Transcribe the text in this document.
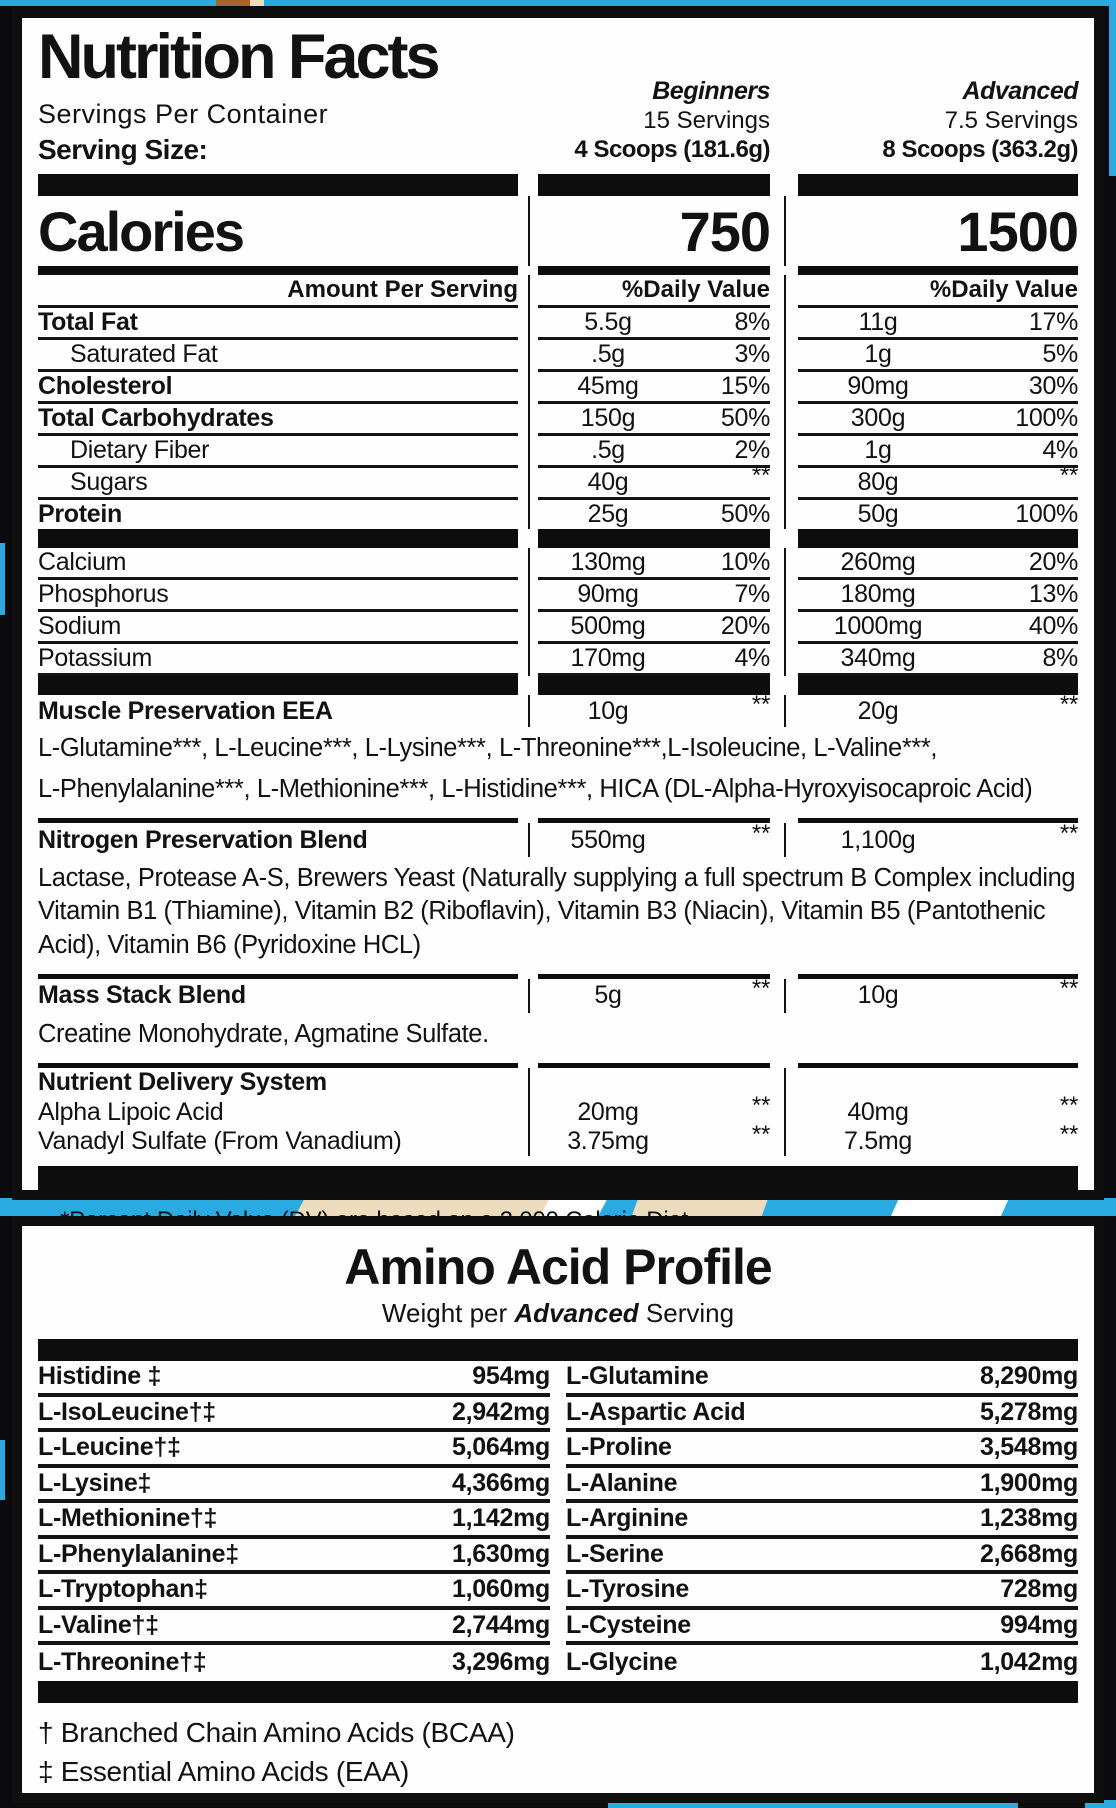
Nutrition Facts
Servings Per Container
Serving Size:
Beginners
15 Servings
4 Scoops (181.6g)
Advanced
7.5 Servings
8 Scoops (363.2g)
Calories	750	1500
Amount Per Serving	%Daily Value	%Daily Value
Total Fat	5.5g	8%	11g	17%
Saturated Fat	.5g	3%	1g	5%
Cholesterol	45mg	15%	90mg	30%
Total Carbohydrates	150g	50%	300g	100%
Dietary Fiber	.5g	2%	1g	4%
Sugars	40g	**	80g	**
Protein	25g	50%	50g	100%
Calcium	130mg	10%	260mg	20%
Phosphorus	90mg	7%	180mg	13%
Sodium	500mg	20%	1000mg	40%
Potassium	170mg	4%	340mg	8%
Muscle Preservation EEA	10g	**	20g	**
L-Glutamine***, L-Leucine***, L-Lysine***, L-Threonine***,L-Isoleucine, L-Valine***,
L-Phenylalanine***, L-Methionine***, L-Histidine***, HICA (DL-Alpha-Hyroxyisocaproic Acid)
Nitrogen Preservation Blend	550mg	**	1,100g	**
Lactase, Protease A-S, Brewers Yeast (Naturally supplying a full spectrum B Complex including Vitamin B1 (Thiamine), Vitamin B2 (Riboflavin), Vitamin B3 (Niacin), Vitamin B5 (Pantothenic Acid), Vitamin B6 (Pyridoxine HCL)
Mass Stack Blend	5g	**	10g	**
Creatine Monohydrate, Agmatine Sulfate.
Nutrient Delivery System
Alpha Lipoic Acid	20mg	**	40mg	**
Vanadyl Sulfate (From Vanadium)	3.75mg	**	7.5mg	**
Amino Acid Profile
Weight per Advanced Serving
Histidine ‡	954mg
L-IsoLeucine†‡	2,942mg
L-Leucine†‡	5,064mg
L-Lysine‡	4,366mg
L-Methionine†‡	1,142mg
L-Phenylalanine‡	1,630mg
L-Tryptophan‡	1,060mg
L-Valine†‡	2,744mg
L-Threonine†‡	3,296mg
L-Glutamine	8,290mg
L-Aspartic Acid	5,278mg
L-Proline	3,548mg
L-Alanine	1,900mg
L-Arginine	1,238mg
L-Serine	2,668mg
L-Tyrosine	728mg
L-Cysteine	994mg
L-Glycine	1,042mg
† Branched Chain Amino Acids (BCAA)
‡ Essential Amino Acids (EAA)
